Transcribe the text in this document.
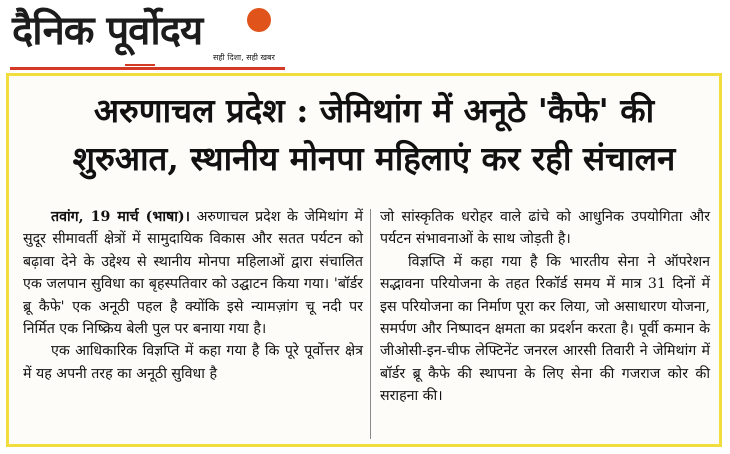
दैनिक पूर्वोदय
सही दिशा, सही खबर
अरुणाचल प्रदेश : जेमिथांग में अनूठे 'कैफे' की
शुरुआत, स्थानीय मोनपा महिलाएं कर रही संचालन

तवांग, 19 मार्च (भाषा)। अरुणाचल प्रदेश के जेमिथांग में सुदूर सीमावर्ती क्षेत्रों में सामुदायिक विकास और सतत पर्यटन को बढ़ावा देने के उद्देश्य से स्थानीय मोनपा महिलाओं द्वारा संचालित एक जलपान सुविधा का बृहस्पतिवार को उद्घाटन किया गया। 'बॉर्डर ब्रू कैफे' एक अनूठी पहल है क्योंकि इसे न्यामज़ांग चू नदी पर निर्मित एक निष्क्रिय बेली पुल पर बनाया गया है।

एक आधिकारिक विज्ञप्ति में कहा गया है कि पूरे पूर्वोत्तर क्षेत्र में यह अपनी तरह का अनूठी सुविधा है

जो सांस्कृतिक धरोहर वाले ढांचे को आधुनिक उपयोगिता और पर्यटन संभावनाओं के साथ जोड़ती है।

विज्ञप्ति में कहा गया है कि भारतीय सेना ने ऑपरेशन सद्भावना परियोजना के तहत रिकॉर्ड समय में मात्र 31 दिनों में इस परियोजना का निर्माण पूरा कर लिया, जो असाधारण योजना, समर्पण और निष्पादन क्षमता का प्रदर्शन करता है। पूर्वी कमान के जीओसी-इन-चीफ लेफ्टिनेंट जनरल आरसी तिवारी ने जेमिथांग में बॉर्डर ब्रू कैफे की स्थापना के लिए सेना की गजराज कोर की सराहना की।
